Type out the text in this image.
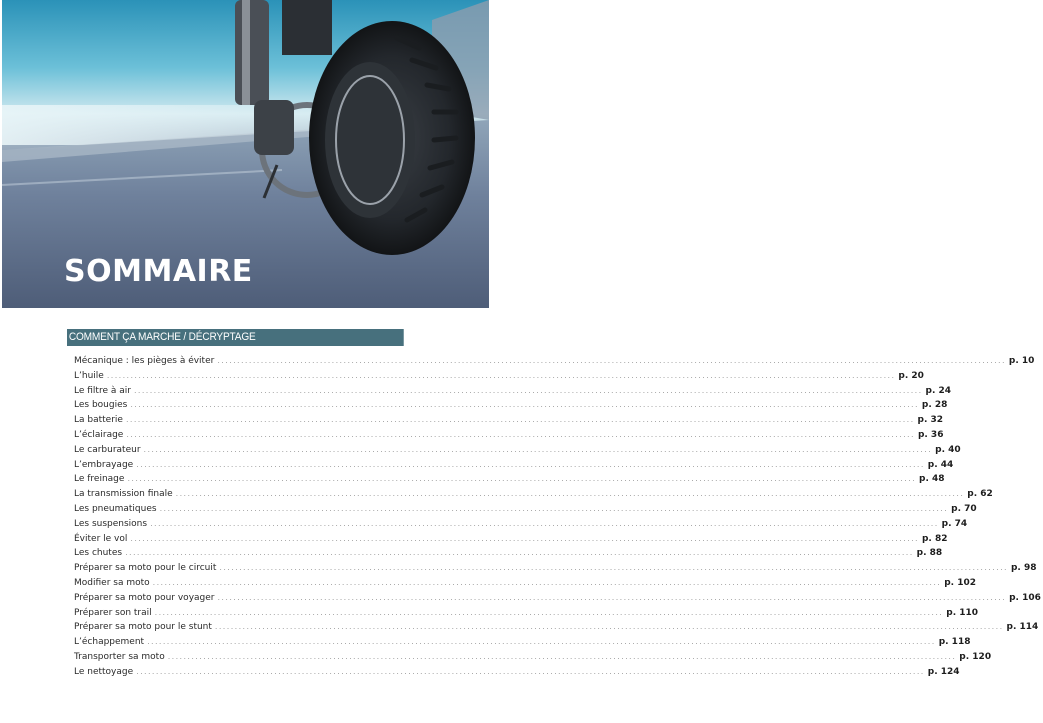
SOMMAIRE
COMMENT ÇA MARCHE / DÉCRYPTAGE
Mécanique : les pièges à éviter ........................................................................................................................................................................................................ p. 10
L’huile ........................................................................................................................................................................................................ p. 20
Le filtre à air ........................................................................................................................................................................................................ p. 24
Les bougies ........................................................................................................................................................................................................ p. 28
La batterie ........................................................................................................................................................................................................ p. 32
L’éclairage ........................................................................................................................................................................................................ p. 36
Le carburateur ........................................................................................................................................................................................................ p. 40
L’embrayage ........................................................................................................................................................................................................ p. 44
Le freinage ........................................................................................................................................................................................................ p. 48
La transmission finale ........................................................................................................................................................................................................ p. 62
Les pneumatiques ........................................................................................................................................................................................................ p. 70
Les suspensions ........................................................................................................................................................................................................ p. 74
Éviter le vol ........................................................................................................................................................................................................ p. 82
Les chutes ........................................................................................................................................................................................................ p. 88
Préparer sa moto pour le circuit ........................................................................................................................................................................................................ p. 98
Modifier sa moto ........................................................................................................................................................................................................ p. 102
Préparer sa moto pour voyager ........................................................................................................................................................................................................ p. 106
Préparer son trail ........................................................................................................................................................................................................ p. 110
Préparer sa moto pour le stunt ........................................................................................................................................................................................................ p. 114
L’échappement ........................................................................................................................................................................................................ p. 118
Transporter sa moto ........................................................................................................................................................................................................ p. 120
Le nettoyage ........................................................................................................................................................................................................ p. 124
